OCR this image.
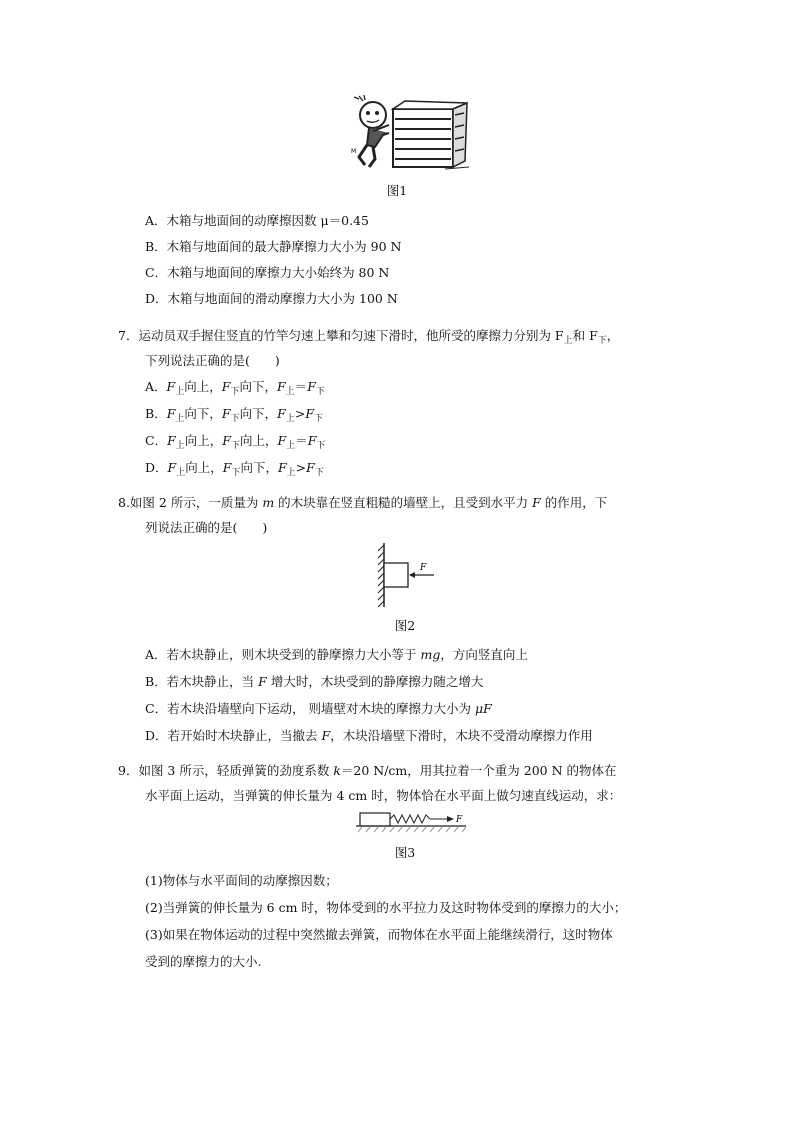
M
图1
A．木箱与地面间的动摩擦因数 μ＝0.45
B．木箱与地面间的最大静摩擦力大小为 90 N
C．木箱与地面间的摩擦力大小始终为 80 N
D．木箱与地面间的滑动摩擦力大小为 100 N
7．运动员双手握住竖直的竹竿匀速上攀和匀速下滑时，他所受的摩擦力分别为 $F_上$和 $F_下$，
下列说法正确的是(　　)
A．$F_上$向上，$F_下$向下，$F_上=F_下$
B．$F_上$向下，$F_下$向下，$F_上>F_下$
C．$F_上$向上，$F_下$向上，$F_上=F_下$
D．$F_上$向上，$F_下$向下，$F_上>F_下$
8.如图 2 所示，一质量为 m 的木块靠在竖直粗糙的墙壁上，且受到水平力 F 的作用，下
列说法正确的是(　　)
F
图2
A．若木块静止，则木块受到的静摩擦力大小等于 mg，方向竖直向上
B．若木块静止，当 F 增大时，木块受到的静摩擦力随之增大
C．若木块沿墙壁向下运动， 则墙壁对木块的摩擦力大小为 μF
D．若开始时木块静止，当撤去 F，木块沿墙壁下滑时，木块不受滑动摩擦力作用
9．如图 3 所示，轻质弹簧的劲度系数 k＝20 N/cm，用其拉着一个重为 200 N 的物体在
水平面上运动，当弹簧的伸长量为 4 cm 时，物体恰在水平面上做匀速直线运动，求：
F
图3
(1)物体与水平面间的动摩擦因数；
(2)当弹簧的伸长量为 6 cm 时，物体受到的水平拉力及这时物体受到的摩擦力的大小；
(3)如果在物体运动的过程中突然撤去弹簧，而物体在水平面上能继续滑行，这时物体
受到的摩擦力的大小.
